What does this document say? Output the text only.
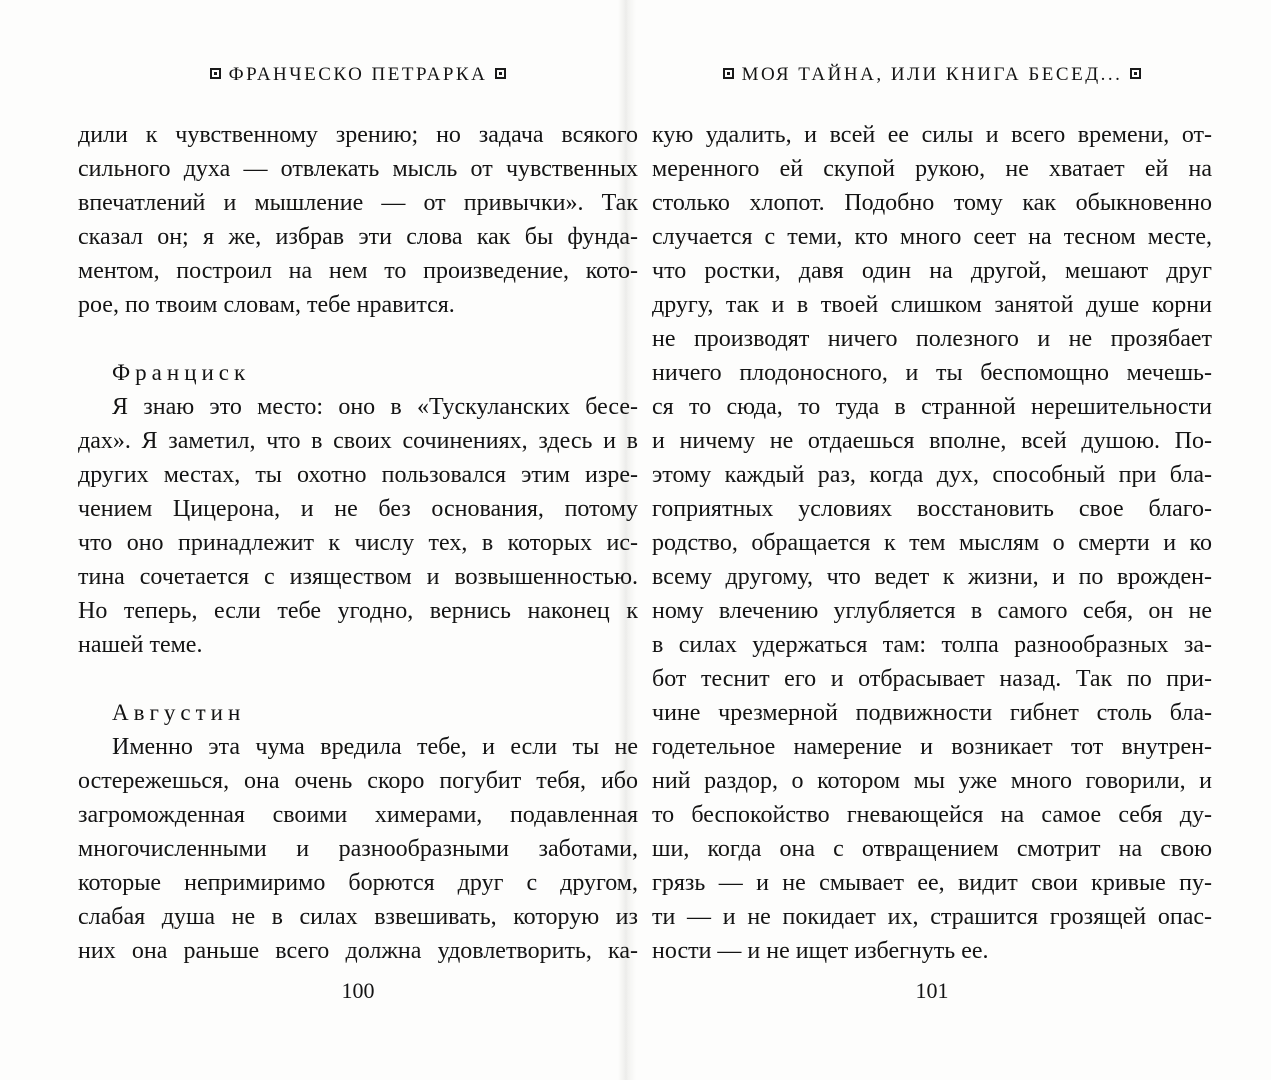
ФРАНЧЕСКО ПЕТРАРКА
дили к чувственному зрению; но задача всякого
сильного духа — отвлекать мысль от чувственных
впечатлений и мышление — от привычки». Так
сказал он; я же, избрав эти слова как бы фунда-
ментом, построил на нем то произведение, кото-
рое, по твоим словам, тебе нравится.
Франциск
Я знаю это место: оно в «Тускуланских бесе-
дах». Я заметил, что в своих сочинениях, здесь и в
других местах, ты охотно пользовался этим изре-
чением Цицерона, и не без основания, потому
что оно принадлежит к числу тех, в которых ис-
тина сочетается с изяществом и возвышенностью.
Но теперь, если тебе угодно, вернись наконец к
нашей теме.
Августин
Именно эта чума вредила тебе, и если ты не
остережешься, она очень скоро погубит тебя, ибо
загроможденная своими химерами, подавленная
многочисленными и разнообразными заботами,
которые непримиримо борются друг с другом,
слабая душа не в силах взвешивать, которую из
них она раньше всего должна удовлетворить, ка-
100
МОЯ ТАЙНА, ИЛИ КНИГА БЕСЕД...
кую удалить, и всей ее силы и всего времени, от-
меренного ей скупой рукою, не хватает ей на
столько хлопот. Подобно тому как обыкновенно
случается с теми, кто много сеет на тесном месте,
что ростки, давя один на другой, мешают друг
другу, так и в твоей слишком занятой душе корни
не производят ничего полезного и не прозябает
ничего плодоносного, и ты беспомощно мечешь-
ся то сюда, то туда в странной нерешительности
и ничему не отдаешься вполне, всей душою. По-
этому каждый раз, когда дух, способный при бла-
гоприятных условиях восстановить свое благо-
родство, обращается к тем мыслям о смерти и ко
всему другому, что ведет к жизни, и по врожден-
ному влечению углубляется в самого себя, он не
в силах удержаться там: толпа разнообразных за-
бот теснит его и отбрасывает назад. Так по при-
чине чрезмерной подвижности гибнет столь бла-
годетельное намерение и возникает тот внутрен-
ний раздор, о котором мы уже много говорили, и
то беспокойство гневающейся на самое себя ду-
ши, когда она с отвращением смотрит на свою
грязь — и не смывает ее, видит свои кривые пу-
ти — и не покидает их, страшится грозящей опас-
ности — и не ищет избегнуть ее.
101
